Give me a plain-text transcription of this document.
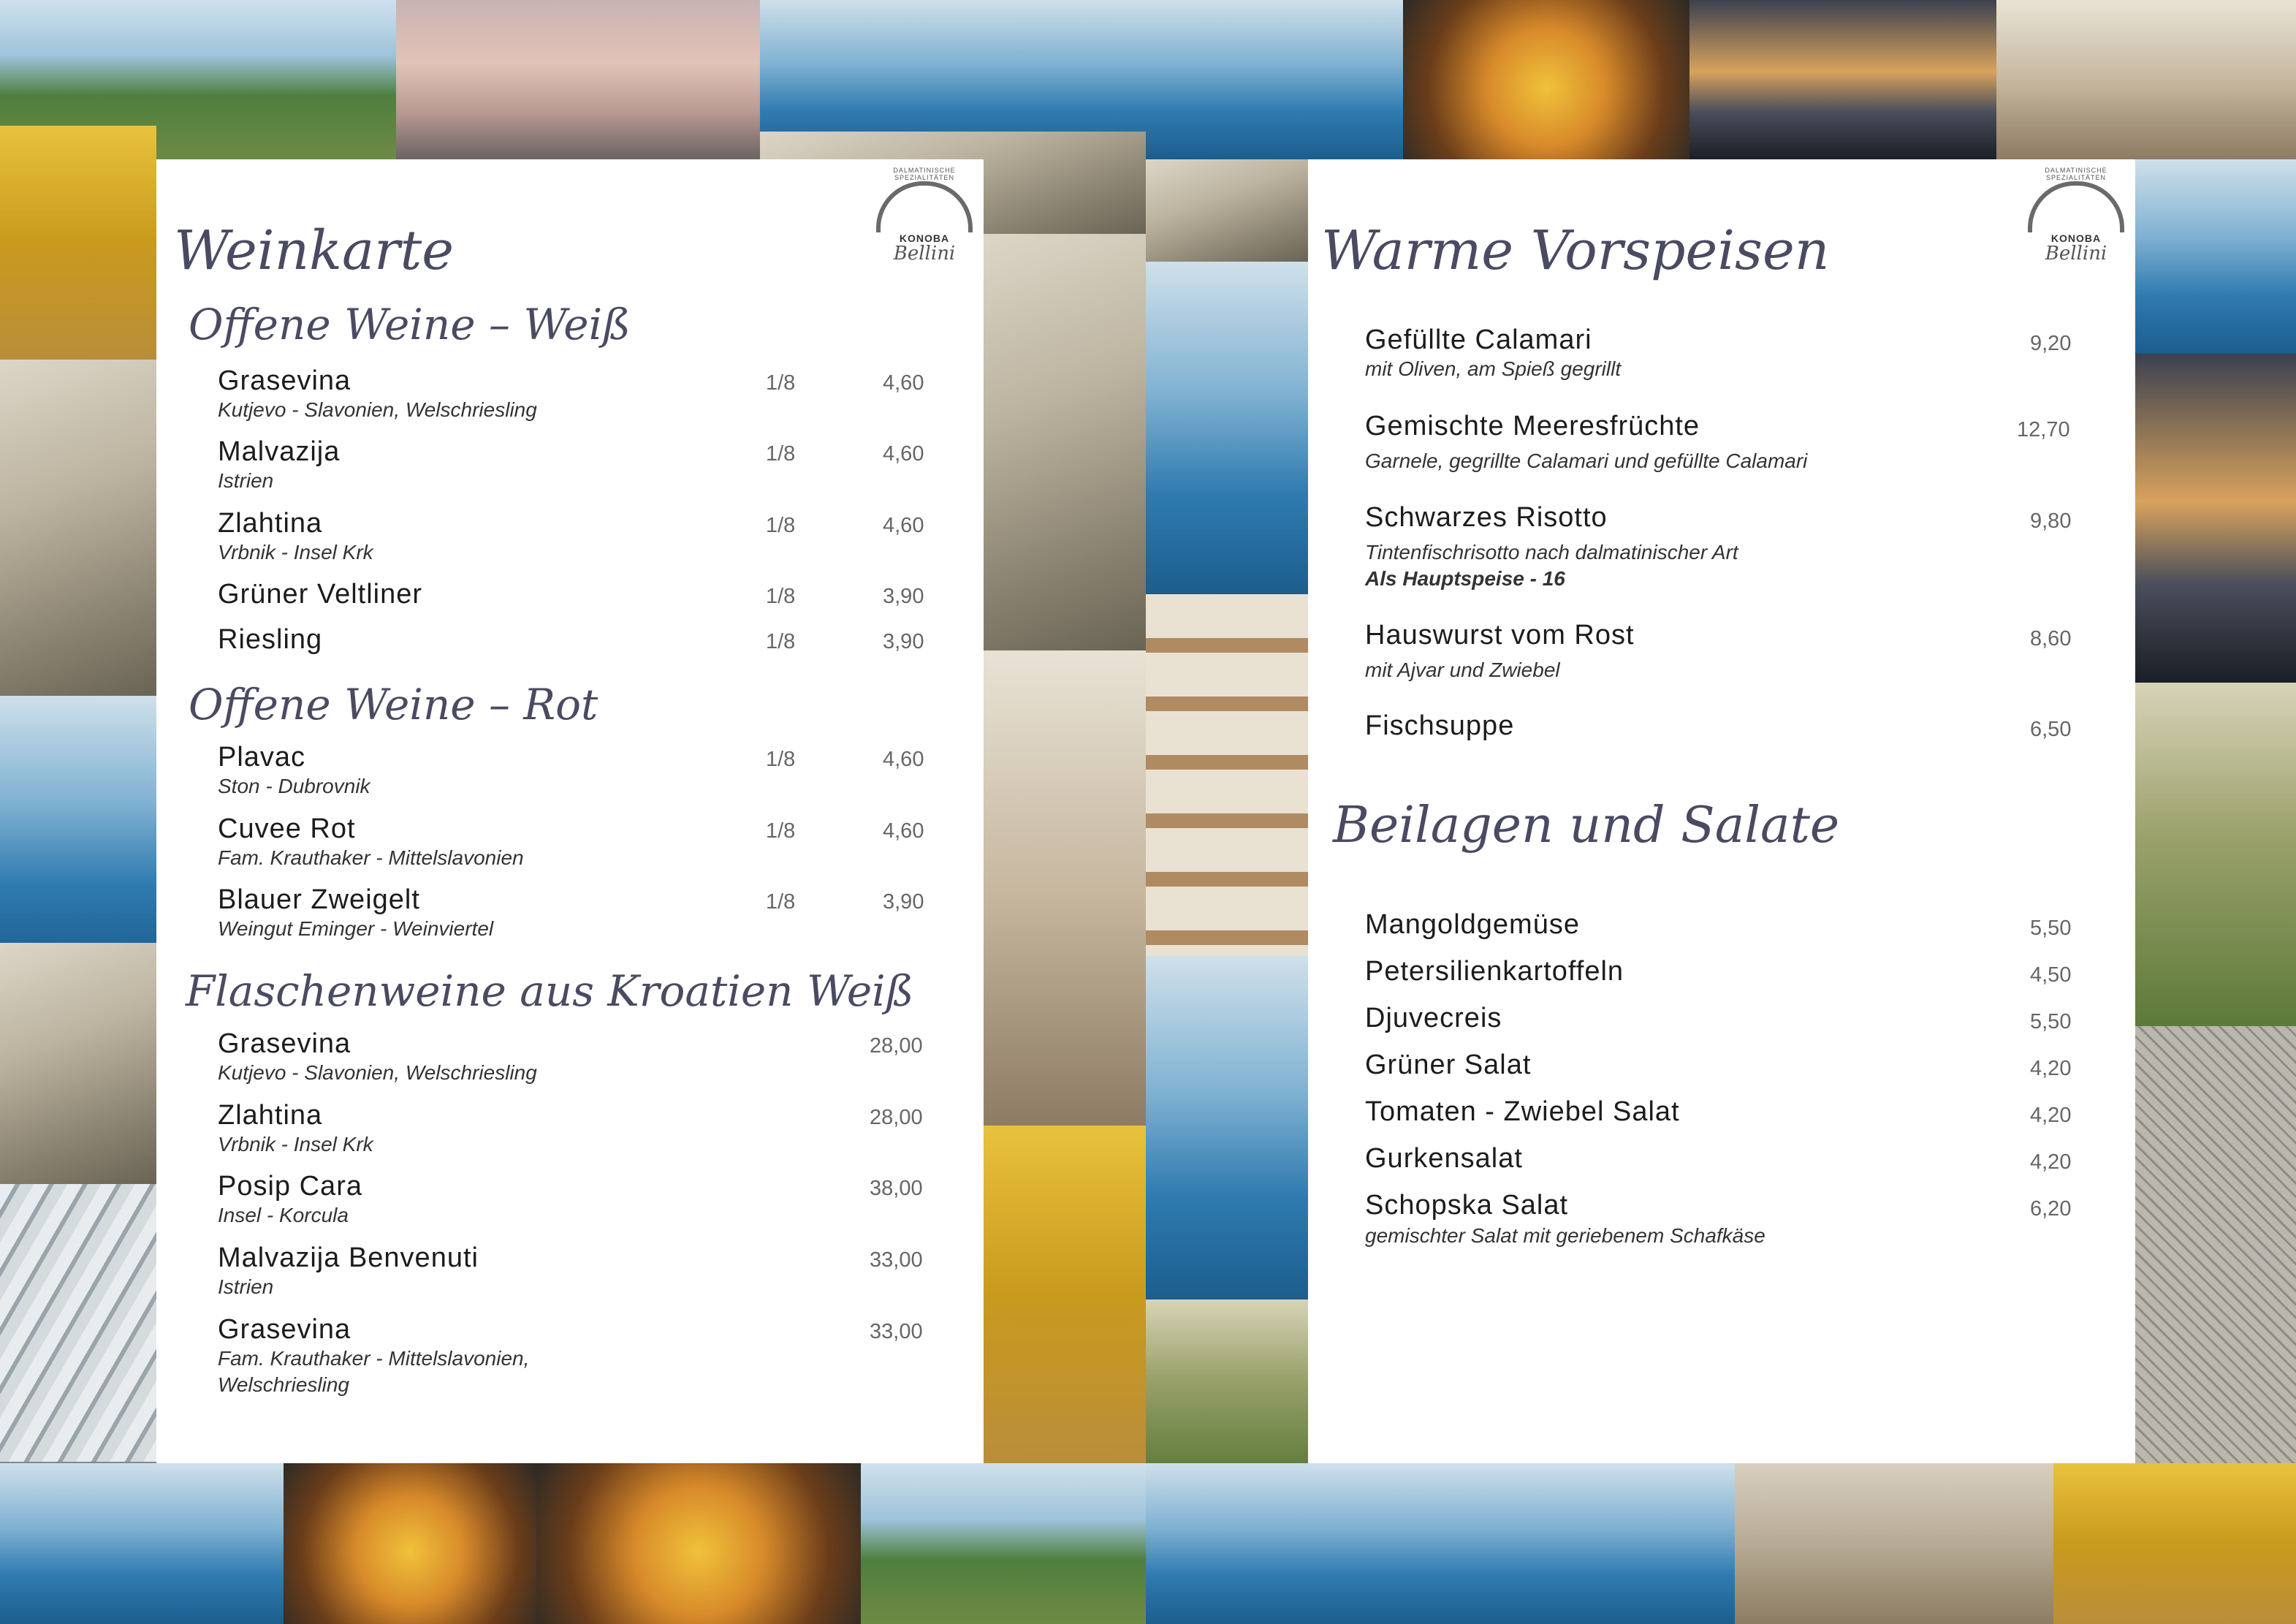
Weinkarte
DALMATINISCHE SPEZIALITÄTEN
KONOBA
Bellini
Offene Weine – Weiß
Grasevina
Kutjevo - Slavonien, Welschriesling
1/8	4,60
Malvazija
Istrien
1/8	4,60
Zlahtina
Vrbnik - Insel Krk
1/8	4,60
Grüner Veltliner	1/8	3,90
Riesling	1/8	3,90
Offene Weine – Rot
Plavac
Ston - Dubrovnik
1/8	4,60
Cuvee Rot
Fam. Krauthaker - Mittelslavonien
1/8	4,60
Blauer Zweigelt
Weingut Eminger - Weinviertel
1/8	3,90
Flaschenweine aus Kroatien Weiß
Grasevina
Kutjevo - Slavonien, Welschriesling
28,00
Zlahtina
Vrbnik - Insel Krk
28,00
Posip Cara
Insel - Korcula
38,00
Malvazija Benvenuti
Istrien
33,00
Grasevina
Fam. Krauthaker - Mittelslavonien,
Welschriesling
33,00
Warme Vorspeisen
DALMATINISCHE SPEZIALITÄTEN
KONOBA
Bellini
Gefüllte Calamari
mit Oliven, am Spieß gegrillt
9,20
Gemischte Meeresfrüchte
Garnele, gegrillte Calamari und gefüllte Calamari
12,70
Schwarzes Risotto
Tintenfischrisotto nach dalmatinischer Art
Als Hauptspeise - 16
9,80
Hauswurst vom Rost
mit Ajvar und Zwiebel
8,60
Fischsuppe	6,50
Beilagen und Salate
Mangoldgemüse	5,50
Petersilienkartoffeln	4,50
Djuvecreis	5,50
Grüner Salat	4,20
Tomaten - Zwiebel Salat	4,20
Gurkensalat	4,20
Schopska Salat
gemischter Salat mit geriebenem Schafkäse
6,20
